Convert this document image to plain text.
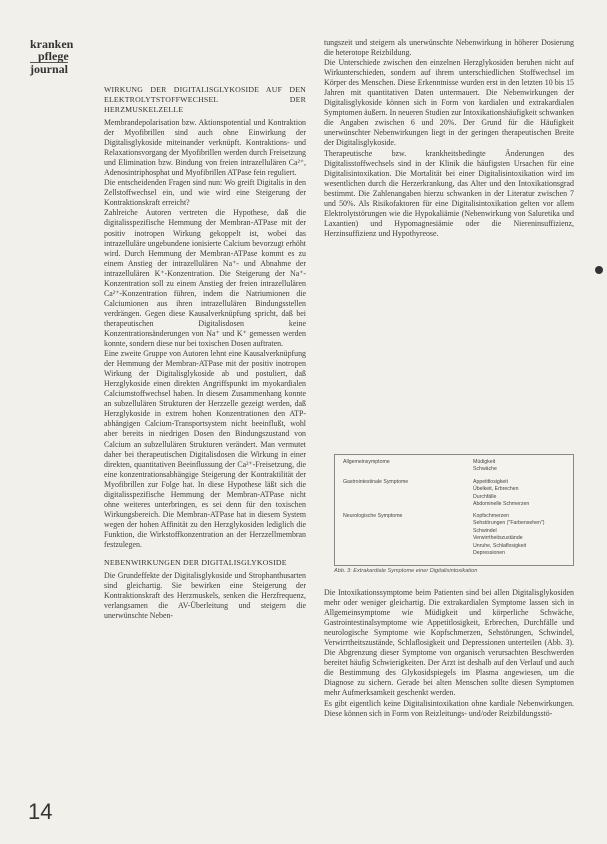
kranken
pflege
journal
WIRKUNG DER DIGITALISGLYKOSIDE AUF DEN ELEKTROLYTSTOFFWECHSEL DER HERZMUSKELZELLE

Membrandepolarisation bzw. Aktionspotential und Kontraktion der Myofibrillen sind auch ohne Einwirkung der Digitalisglykoside miteinander verknüpft. Kontraktions- und Relaxationsvorgang der Myofibrillen werden durch Freisetzung und Elimination bzw. Bindung von freien intrazellulären Ca²⁺, Adenosintriphosphat und Myofibrillen ATPase fein reguliert.

Die entscheidenden Fragen sind nun: Wo greift Digitalis in den Zellstoffwechsel ein, und wie wird eine Steigerung der Kontraktionskraft erreicht?

Zahlreiche Autoren vertreten die Hypothese, daß die digitalisspezifische Hemmung der Membran-ATPase mit der positiv inotropen Wirkung gekoppelt ist, wobei das intrazelluläre ungebundene ionisierte Calcium bevorzugt erhöht wird. Durch Hemmung der Membran-ATPase kommt es zu einem Anstieg der intrazellulären Na⁺- und Abnahme der intrazellulären K⁺-Konzentration. Die Steigerung der Na⁺-Konzentration soll zu einem Anstieg der freien intrazellulären Ca²⁺-Konzentration führen, indem die Natriumionen die Calciumionen aus ihren intrazellulären Bindungsstellen verdrängen. Gegen diese Kausalverknüpfung spricht, daß bei therapeutischen Digitalisdosen keine Konzentrationsänderungen von Na⁺ und K⁺ gemessen werden konnte, sondern diese nur bei toxischen Dosen auftraten.

Eine zweite Gruppe von Autoren lehnt eine Kausalverknüpfung der Hemmung der Membran-ATPase mit der positiv inotropen Wirkung der Digitalisglykoside ab und postuliert, daß Herzglykoside einen direkten Angriffspunkt im myokardialen Calciumstoffwechsel haben. In diesem Zusammenhang konnte an subzellulären Strukturen der Herzzelle gezeigt werden, daß Herzglykoside in extrem hohen Konzentrationen den ATP-abhängigen Calcium-Transportsystem nicht beeinflußt, wohl aber bereits in niedrigen Dosen den Bindungszustand von Calcium an subzellulären Strukturen verändert. Man vermutet daher bei therapeutischen Digitalisdosen die Wirkung in einer direkten, quantitativen Beeinflussung der Ca²⁺-Freisetzung, die eine konzentrationsabhängige Steigerung der Kontraktilität der Myofibrillen zur Folge hat. In diese Hypothese läßt sich die digitalisspezifische Hemmung der Membran-ATPase nicht ohne weiteres unterbringen, es sei denn für den toxischen Wirkungsbereich. Die Membran-ATPase hat in diesem System wegen der hohen Affinität zu den Herzglykosiden lediglich die Funktion, die Wirkstoffkonzentration an der Herzzellmembran festzulegen.

NEBENWIRKUNGEN DER DIGITALISGLYKOSIDE

Die Grundeffekte der Digitalisglykoside und Strophanthusarten sind gleichartig. Sie bewirken eine Steigerung der Kontraktionskraft des Herzmuskels, senken die Herzfrequenz, verlangsamen die AV-Überleitung und steigern die unerwünschte Neben-

tungszeit und steigern als unerwünschte Nebenwirkung in höherer Dosierung die heterotope Reizbildung.

Die Unterschiede zwischen den einzelnen Herzglykosiden beruhen nicht auf Wirkunterschieden, sondern auf ihrem unterschiedlichen Stoffwechsel im Körper des Menschen. Diese Erkenntnisse wurden erst in den letzten 10 bis 15 Jahren mit quantitativen Daten untermauert. Die Nebenwirkungen der Digitalisglykoside können sich in Form von kardialen und extrakardialen Symptomen äußern. In neueren Studien zur Intoxikationshäufigkeit schwanken die Angaben zwischen 6 und 20%. Der Grund für die Häufigkeit unerwünschter Nebenwirkungen liegt in der geringen therapeutischen Breite der Digitalisglykoside.

Therapeutische bzw. krankheitsbedingte Änderungen des Digitalisstoffwechsels sind in der Klinik die häufigsten Ursachen für eine Digitalisintoxikation. Die Mortalität bei einer Digitalisintoxikation wird im wesentlichen durch die Herzerkrankung, das Alter und den Intoxikationsgrad bestimmt. Die Zahlenangaben hierzu schwanken in der Literatur zwischen 7 und 50%. Als Risikofaktoren für eine Digitalisintoxikation gelten vor allem Elektrolytstörungen wie die Hypokaliämie (Nebenwirkung von Saluretika und Laxantien) und Hypomagnesiämie oder die Niereninsuffizienz, Herzinsuffizienz und Hypothyreose.

Allgemeinsymptome	Müdigkeit
Schwäche
Gastrointestinale Symptome	Appetitlosigkeit
Übelkeit, Erbrechen
Durchfälle
Abdominelle Schmerzen
Neurologische Symptome	Kopfschmerzen
Sehstörungen ("Farbensehen")
Schwindel
Verwirrtheitszustände
Unruhe, Schlaflosigkeit
Depressionen
Abb. 3: Extrakardiale Symptome einer Digitalisintoxikation

Die Intoxikationssymptome beim Patienten sind bei allen Digitalisglykosiden mehr oder weniger gleichartig. Die extrakardialen Symptome lassen sich in Allgemeinsymptome wie Müdigkeit und körperliche Schwäche, Gastrointestinalsymptome wie Appetitlosigkeit, Erbrechen, Durchfälle und neurologische Symptome wie Kopfschmerzen, Sehstörungen, Schwindel, Verwirrtheitszustände, Schlaflosigkeit und Depressionen unterteilen (Abb. 3). Die Abgrenzung dieser Symptome von organisch verursachten Beschwerden bereitet häufig Schwierigkeiten. Der Arzt ist deshalb auf den Verlauf und auch die Bestimmung des Glykosidspiegels im Plasma angewiesen, um die Diagnose zu sichern. Gerade bei alten Menschen sollte diesen Symptomen mehr Aufmerksamkeit geschenkt werden.

Es gibt eigentlich keine Digitalisintoxikation ohne kardiale Nebenwirkungen. Diese können sich in Form von Reizleitungs- und/oder Reizbildungsstö-

14
